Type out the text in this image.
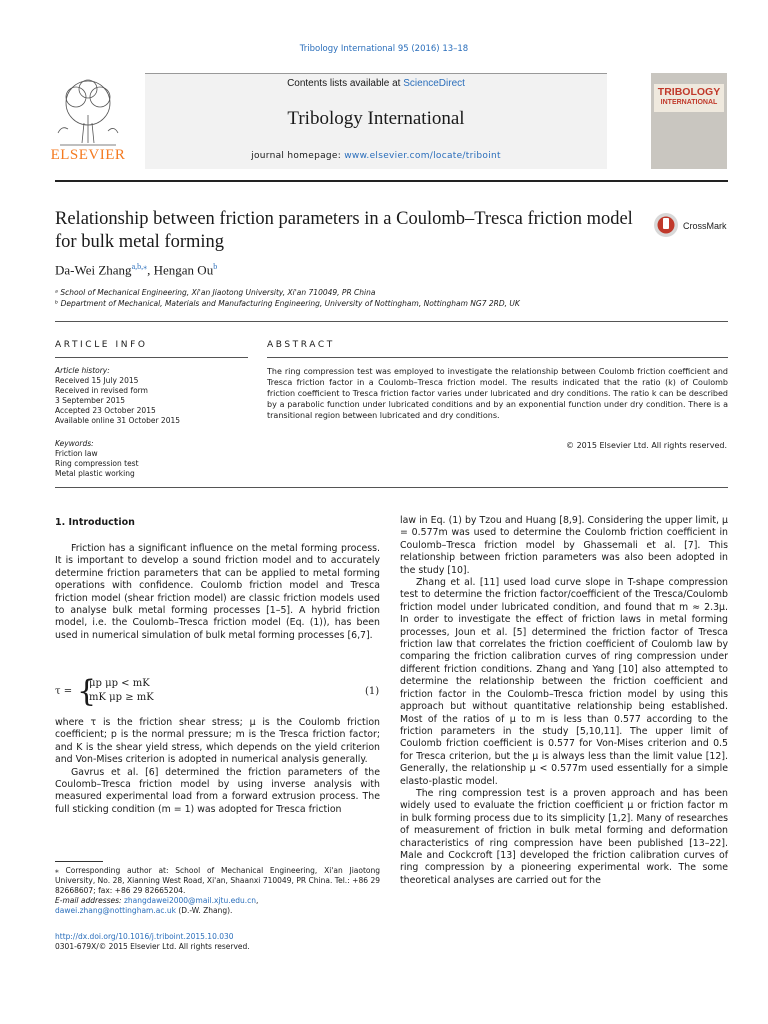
Tribology International 95 (2016) 13–18
Contents lists available at ScienceDirect
Tribology International
journal homepage: www.elsevier.com/locate/triboint
ELSEVIER
TRIBOLOGY
INTERNATIONAL
Relationship between friction parameters in a Coulomb–Tresca friction model for bulk metal forming
CrossMark
Da-Wei Zhang$^{a,b,⁎}$, Hengan Ou$^b$
ᵃ School of Mechanical Engineering, Xi'an Jiaotong University, Xi'an 710049, PR China
ᵇ Department of Mechanical, Materials and Manufacturing Engineering, University of Nottingham, Nottingham NG7 2RD, UK
ARTICLE INFO	ABSTRACT
Article history:
Received 15 July 2015
Received in revised form
3 September 2015
Accepted 23 October 2015
Available online 31 October 2015
Keywords:
Friction law
Ring compression test
Metal plastic working
The ring compression test was employed to investigate the relationship between Coulomb friction coefficient and Tresca friction factor in a Coulomb–Tresca friction model. The results indicated that the ratio (k) of Coulomb friction coefficient to Tresca friction factor varies under lubricated and dry conditions. The ratio k can be described by a parabolic function under lubricated conditions and by an exponential function under dry condition. There is a transitional region between lubricated and dry conditions.
© 2015 Elsevier Ltd. All rights reserved.
1. Introduction

Friction has a significant influence on the metal forming process. It is important to develop a sound friction model and to accurately determine friction parameters that can be applied to metal forming operations with confidence. Coulomb friction model and Tresca friction model (shear friction model) are classic friction models used to analyse bulk metal forming processes [1–5]. A hybrid friction model, i.e. the Coulomb–Tresca friction model (Eq. (1)), has been used in numerical simulation of bulk metal forming processes [6,7].

τ = {
μp μp < mK
mK μp ≥ mK
(1)

where τ is the friction shear stress; μ is the Coulomb friction coefficient; p is the normal pressure; m is the Tresca friction factor; and K is the shear yield stress, which depends on the yield criterion and Von-Mises criterion is adopted in numerical analysis generally.

Gavrus et al. [6] determined the friction parameters of the Coulomb–Tresca friction model by using inverse analysis with measured experimental load from a forward extrusion process. The full sticking condition (m = 1) was adopted for Tresca friction

⁎ Corresponding author at: School of Mechanical Engineering, Xi'an Jiaotong University, No. 28, Xianning West Road, Xi'an, Shaanxi 710049, PR China. Tel.: +86 29 82668607; fax: +86 29 82665204.
E-mail addresses: zhangdawei2000@mail.xjtu.edu.cn,
dawei.zhang@nottingham.ac.uk (D.-W. Zhang).
http://dx.doi.org/10.1016/j.triboint.2015.10.030
0301-679X/© 2015 Elsevier Ltd. All rights reserved.

law in Eq. (1) by Tzou and Huang [8,9]. Considering the upper limit, μ = 0.577m was used to determine the Coulomb friction coefficient in Coulomb–Tresca friction model by Ghassemali et al. [7]. This relationship between friction parameters was also been adopted in the study [10].

Zhang et al. [11] used load curve slope in T-shape compression test to determine the friction factor/coefficient of the Tresca/Coulomb friction model under lubricated condition, and found that m ≈ 2.3μ. In order to investigate the effect of friction laws in metal forming processes, Joun et al. [5] determined the friction factor of Tresca friction law that correlates the friction coefficient of Coulomb law by comparing the friction calibration curves of ring compression under different friction conditions. Zhang and Yang [10] also attempted to determine the relationship between the friction coefficient and friction factor in the Coulomb–Tresca friction model by using this approach but without quantitative relationship being established. Most of the ratios of μ to m is less than 0.577 according to the friction parameters in the study [5,10,11]. The upper limit of Coulomb friction coefficient is 0.577 for Von-Mises criterion and 0.5 for Tresca criterion, but the μ is always less than the limit value [12]. Generally, the relationship μ < 0.577m used essentially for a simple elasto-plastic model.

The ring compression test is a proven approach and has been widely used to evaluate the friction coefficient μ or friction factor m in bulk forming process due to its simplicity [1,2]. Many of researches of measurement of friction in bulk metal forming and deformation characteristics of ring compression have been published [13–22]. Male and Cockcroft [13] developed the friction calibration curves of ring compression by a pioneering experimental work. The some theoretical analyses are carried out for the
